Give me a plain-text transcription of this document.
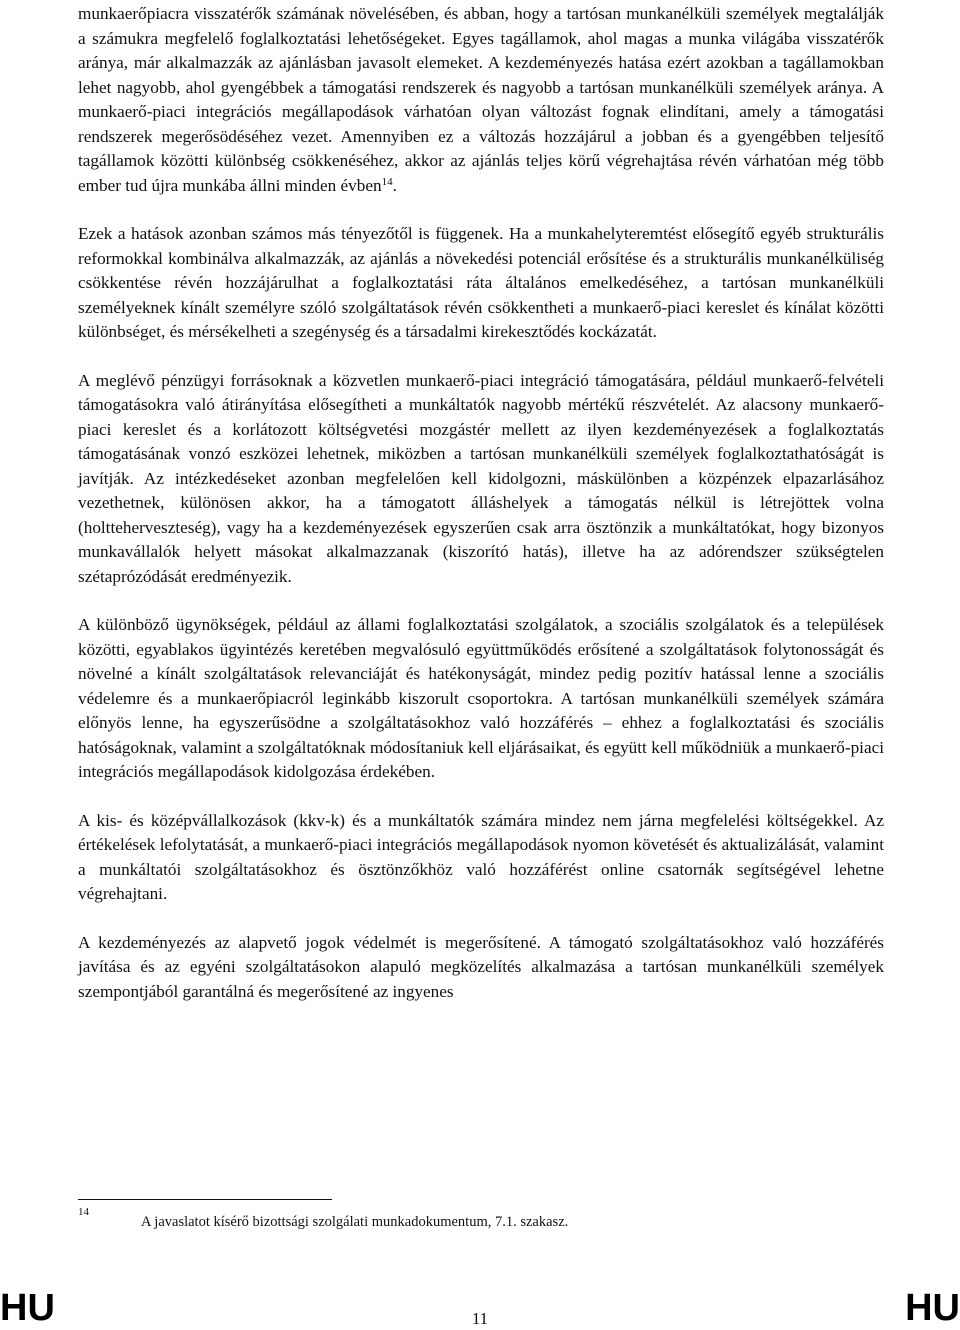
munkaerőpiacra visszatérők számának növelésében, és abban, hogy a tartósan munkanélküli személyek megtalálják a számukra megfelelő foglalkoztatási lehetőségeket. Egyes tagállamok, ahol magas a munka világába visszatérők aránya, már alkalmazzák az ajánlásban javasolt elemeket. A kezdeményezés hatása ezért azokban a tagállamokban lehet nagyobb, ahol gyengébbek a támogatási rendszerek és nagyobb a tartósan munkanélküli személyek aránya. A munkaerő-piaci integrációs megállapodások várhatóan olyan változást fognak elindítani, amely a támogatási rendszerek megerősödéséhez vezet. Amennyiben ez a változás hozzájárul a jobban és a gyengébben teljesítő tagállamok közötti különbség csökkenéséhez, akkor az ajánlás teljes körű végrehajtása révén várhatóan még több ember tud újra munkába állni minden évben$^{14}$.

Ezek a hatások azonban számos más tényezőtől is függenek. Ha a munkahelyteremtést elősegítő egyéb strukturális reformokkal kombinálva alkalmazzák, az ajánlás a növekedési potenciál erősítése és a strukturális munkanélküliség csökkentése révén hozzájárulhat a foglalkoztatási ráta általános emelkedéséhez, a tartósan munkanélküli személyeknek kínált személyre szóló szolgáltatások révén csökkentheti a munkaerő-piaci kereslet és kínálat közötti különbséget, és mérsékelheti a szegénység és a társadalmi kirekesztődés kockázatát.

A meglévő pénzügyi forrásoknak a közvetlen munkaerő-piaci integráció támogatására, például munkaerő-felvételi támogatásokra való átirányítása elősegítheti a munkáltatók nagyobb mértékű részvételét. Az alacsony munkaerő-piaci kereslet és a korlátozott költségvetési mozgástér mellett az ilyen kezdeményezések a foglalkoztatás támogatásának vonzó eszközei lehetnek, miközben a tartósan munkanélküli személyek foglalkoztathatóságát is javítják. Az intézkedéseket azonban megfelelően kell kidolgozni, máskülönben a közpénzek elpazarlásához vezethetnek, különösen akkor, ha a támogatott álláshelyek a támogatás nélkül is létrejöttek volna (holtteherveszteség), vagy ha a kezdeményezések egyszerűen csak arra ösztönzik a munkáltatókat, hogy bizonyos munkavállalók helyett másokat alkalmazzanak (kiszorító hatás), illetve ha az adórendszer szükségtelen szétaprózódását eredményezik.

A különböző ügynökségek, például az állami foglalkoztatási szolgálatok, a szociális szolgálatok és a települések közötti, egyablakos ügyintézés keretében megvalósuló együttműködés erősítené a szolgáltatások folytonosságát és növelné a kínált szolgáltatások relevanciáját és hatékonyságát, mindez pedig pozitív hatással lenne a szociális védelemre és a munkaerőpiacról leginkább kiszorult csoportokra. A tartósan munkanélküli személyek számára előnyös lenne, ha egyszerűsödne a szolgáltatásokhoz való hozzáférés – ehhez a foglalkoztatási és szociális hatóságoknak, valamint a szolgáltatóknak módosítaniuk kell eljárásaikat, és együtt kell működniük a munkaerő-piaci integrációs megállapodások kidolgozása érdekében.

A kis- és középvállalkozások (kkv-k) és a munkáltatók számára mindez nem járna megfelelési költségekkel. Az értékelések lefolytatását, a munkaerő-piaci integrációs megállapodások nyomon követését és aktualizálását, valamint a munkáltatói szolgáltatásokhoz és ösztönzőkhöz való hozzáférést online csatornák segítségével lehetne végrehajtani.

A kezdeményezés az alapvető jogok védelmét is megerősítené. A támogató szolgáltatásokhoz való hozzáférés javítása és az egyéni szolgáltatásokon alapuló megközelítés alkalmazása a tartósan munkanélküli személyek szempontjából garantálná és megerősítené az ingyenes

14
A javaslatot kísérő bizottsági szolgálati munkadokumentum, 7.1. szakasz.
HU	11	HU
